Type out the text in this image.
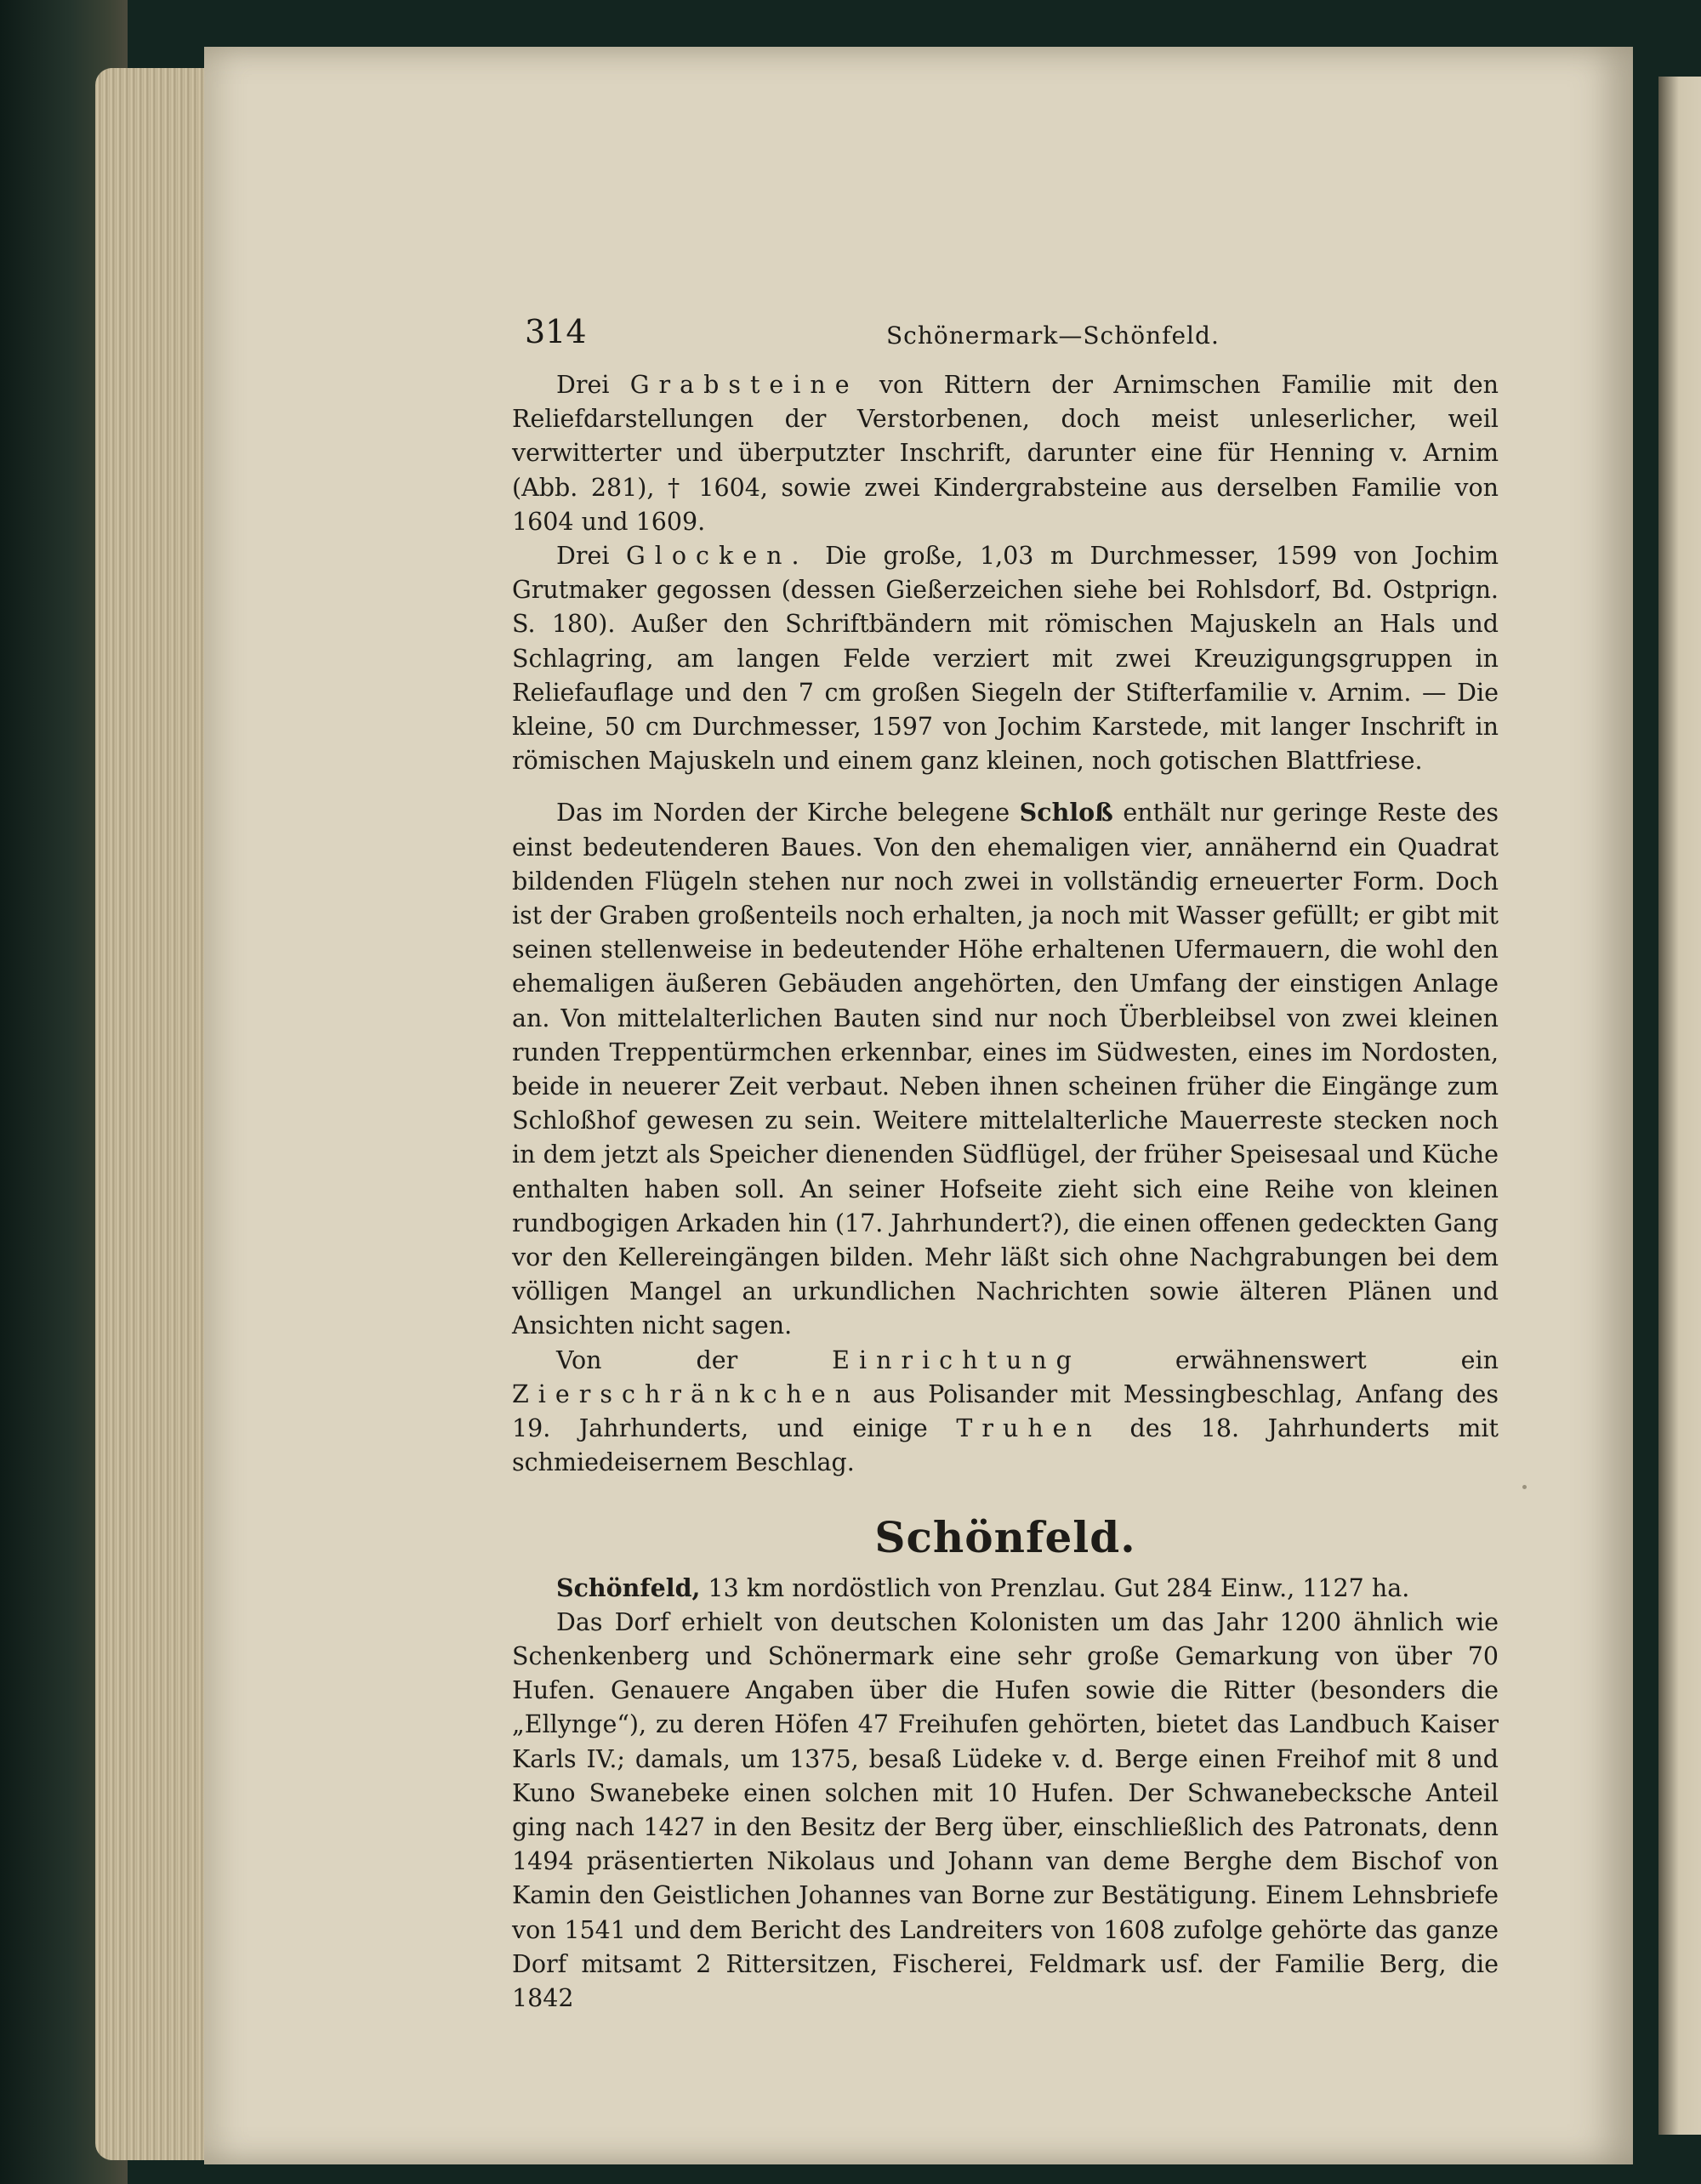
314	Schönermark—Schönfeld.

Drei Grabsteine von Rittern der Arnimschen Familie mit den Reliefdarstellungen der Verstorbenen, doch meist unleserlicher, weil verwitterter und überputzter Inschrift, darunter eine für Henning v. Arnim (Abb. 281), † 1604, sowie zwei Kindergrabsteine aus derselben Familie von 1604 und 1609.

Drei Glocken. Die große, 1,03 m Durchmesser, 1599 von Jochim Grutmaker gegossen (dessen Gießerzeichen siehe bei Rohlsdorf, Bd. Ostprign. S. 180). Außer den Schriftbändern mit römischen Majuskeln an Hals und Schlagring, am langen Felde verziert mit zwei Kreuzigungsgruppen in Reliefauflage und den 7 cm großen Siegeln der Stifterfamilie v. Arnim. — Die kleine, 50 cm Durchmesser, 1597 von Jochim Karstede, mit langer Inschrift in römischen Majuskeln und einem ganz kleinen, noch gotischen Blattfriese.

Das im Norden der Kirche belegene Schloß enthält nur geringe Reste des einst bedeutenderen Baues. Von den ehemaligen vier, annähernd ein Quadrat bildenden Flügeln stehen nur noch zwei in vollständig erneuerter Form. Doch ist der Graben großenteils noch erhalten, ja noch mit Wasser gefüllt; er gibt mit seinen stellenweise in bedeutender Höhe erhaltenen Ufermauern, die wohl den ehemaligen äußeren Gebäuden angehörten, den Umfang der einstigen Anlage an. Von mittelalterlichen Bauten sind nur noch Überbleibsel von zwei kleinen runden Treppentürmchen erkennbar, eines im Südwesten, eines im Nordosten, beide in neuerer Zeit verbaut. Neben ihnen scheinen früher die Eingänge zum Schloßhof gewesen zu sein. Weitere mittelalterliche Mauerreste stecken noch in dem jetzt als Speicher dienenden Südflügel, der früher Speisesaal und Küche enthalten haben soll. An seiner Hofseite zieht sich eine Reihe von kleinen rundbogigen Arkaden hin (17. Jahrhundert?), die einen offenen gedeckten Gang vor den Kellereingängen bilden. Mehr läßt sich ohne Nachgrabungen bei dem völligen Mangel an urkundlichen Nachrichten sowie älteren Plänen und Ansichten nicht sagen.

Von der Einrichtung erwähnenswert ein Zierschränkchen aus Polisander mit Messingbeschlag, Anfang des 19. Jahrhunderts, und einige Truhen des 18. Jahrhunderts mit schmiedeisernem Beschlag.

Schönfeld.

Schönfeld, 13 km nordöstlich von Prenzlau. Gut 284 Einw., 1127 ha.

Das Dorf erhielt von deutschen Kolonisten um das Jahr 1200 ähnlich wie Schenkenberg und Schönermark eine sehr große Gemarkung von über 70 Hufen. Genauere Angaben über die Hufen sowie die Ritter (besonders die „Ellynge“), zu deren Höfen 47 Freihufen gehörten, bietet das Landbuch Kaiser Karls IV.; damals, um 1375, besaß Lüdeke v. d. Berge einen Freihof mit 8 und Kuno Swanebeke einen solchen mit 10 Hufen. Der Schwanebecksche Anteil ging nach 1427 in den Besitz der Berg über, einschließlich des Patronats, denn 1494 präsentierten Nikolaus und Johann van deme Berghe dem Bischof von Kamin den Geistlichen Johannes van Borne zur Bestätigung. Einem Lehnsbriefe von 1541 und dem Bericht des Landreiters von 1608 zufolge gehörte das ganze Dorf mitsamt 2 Rittersitzen, Fischerei, Feldmark usf. der Familie Berg, die 1842
